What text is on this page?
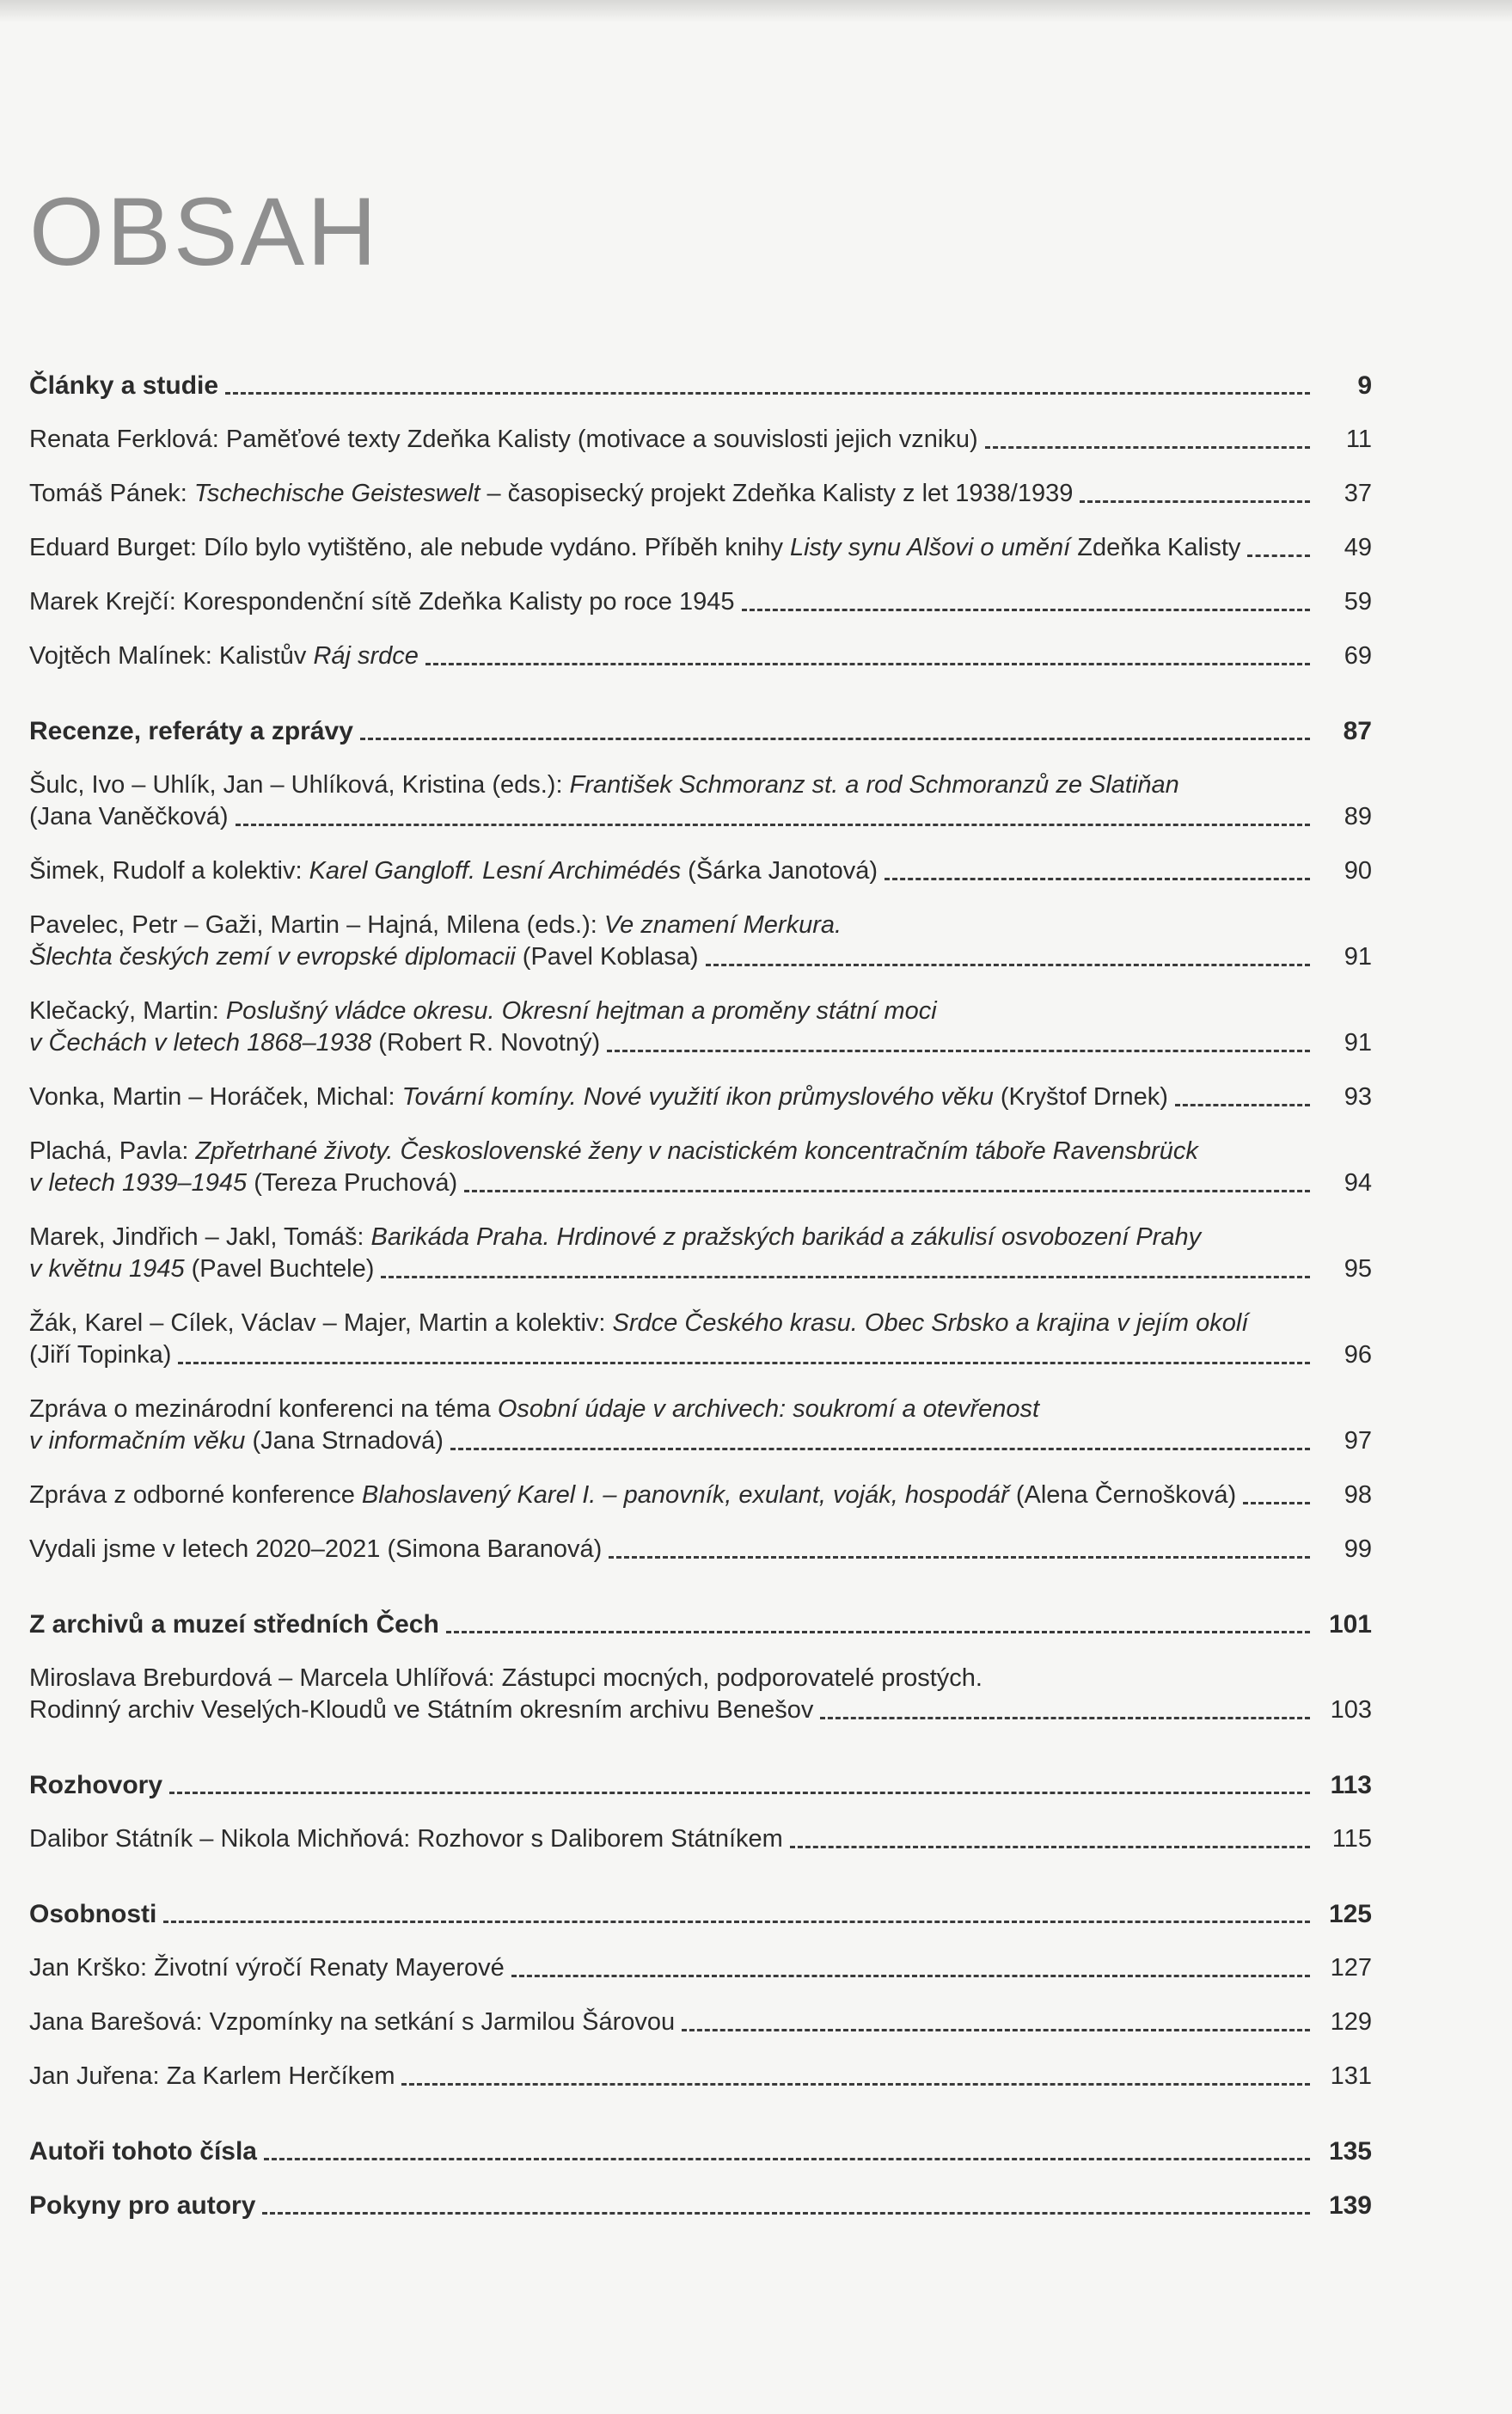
OBSAH
Články a studie	9
Renata Ferklová: Paměťové texty Zdeňka Kalisty (motivace a souvislosti jejich vzniku)	11
Tomáš Pánek: Tschechische Geisteswelt – časopisecký projekt Zdeňka Kalisty z let 1938/1939	37
Eduard Burget: Dílo bylo vytištěno, ale nebude vydáno. Příběh knihy Listy synu Alšovi o umění Zdeňka Kalisty	49
Marek Krejčí: Korespondenční sítě Zdeňka Kalisty po roce 1945	59
Vojtěch Malínek: Kalistův Ráj srdce	69
Recenze, referáty a zprávy	87
Šulc, Ivo – Uhlík, Jan – Uhlíková, Kristina (eds.): František Schmoranz st. a rod Schmoranzů ze Slatiňan
(Jana Vaněčková)	89
Šimek, Rudolf a kolektiv: Karel Gangloff. Lesní Archimédés (Šárka Janotová)	90
Pavelec, Petr – Gaži, Martin – Hajná, Milena (eds.): Ve znamení Merkura.
Šlechta českých zemí v evropské diplomacii (Pavel Koblasa)	91
Klečacký, Martin: Poslušný vládce okresu. Okresní hejtman a proměny státní moci
v Čechách v letech 1868–1938 (Robert R. Novotný)	91
Vonka, Martin – Horáček, Michal: Tovární komíny. Nové využití ikon průmyslového věku (Kryštof Drnek)	93
Plachá, Pavla: Zpřetrhané životy. Československé ženy v nacistickém koncentračním táboře Ravensbrück
v letech 1939–1945 (Tereza Pruchová)	94
Marek, Jindřich – Jakl, Tomáš: Barikáda Praha. Hrdinové z pražských barikád a zákulisí osvobození Prahy
v květnu 1945 (Pavel Buchtele)	95
Žák, Karel – Cílek, Václav – Majer, Martin a kolektiv: Srdce Českého krasu. Obec Srbsko a krajina v jejím okolí
(Jiří Topinka)	96
Zpráva o mezinárodní konferenci na téma Osobní údaje v archivech: soukromí a otevřenost
v informačním věku (Jana Strnadová)	97
Zpráva z odborné konference Blahoslavený Karel I. – panovník, exulant, voják, hospodář (Alena Černošková)	98
Vydali jsme v letech 2020–2021 (Simona Baranová)	99
Z archivů a muzeí středních Čech	101
Miroslava Breburdová – Marcela Uhlířová: Zástupci mocných, podporovatelé prostých.
Rodinný archiv Veselých-Kloudů ve Státním okresním archivu Benešov	103
Rozhovory	113
Dalibor Státník – Nikola Michňová: Rozhovor s Daliborem Státníkem	115
Osobnosti	125
Jan Krško: Životní výročí Renaty Mayerové	127
Jana Barešová: Vzpomínky na setkání s Jarmilou Šárovou	129
Jan Juřena: Za Karlem Herčíkem	131
Autoři tohoto čísla	135
Pokyny pro autory	139
